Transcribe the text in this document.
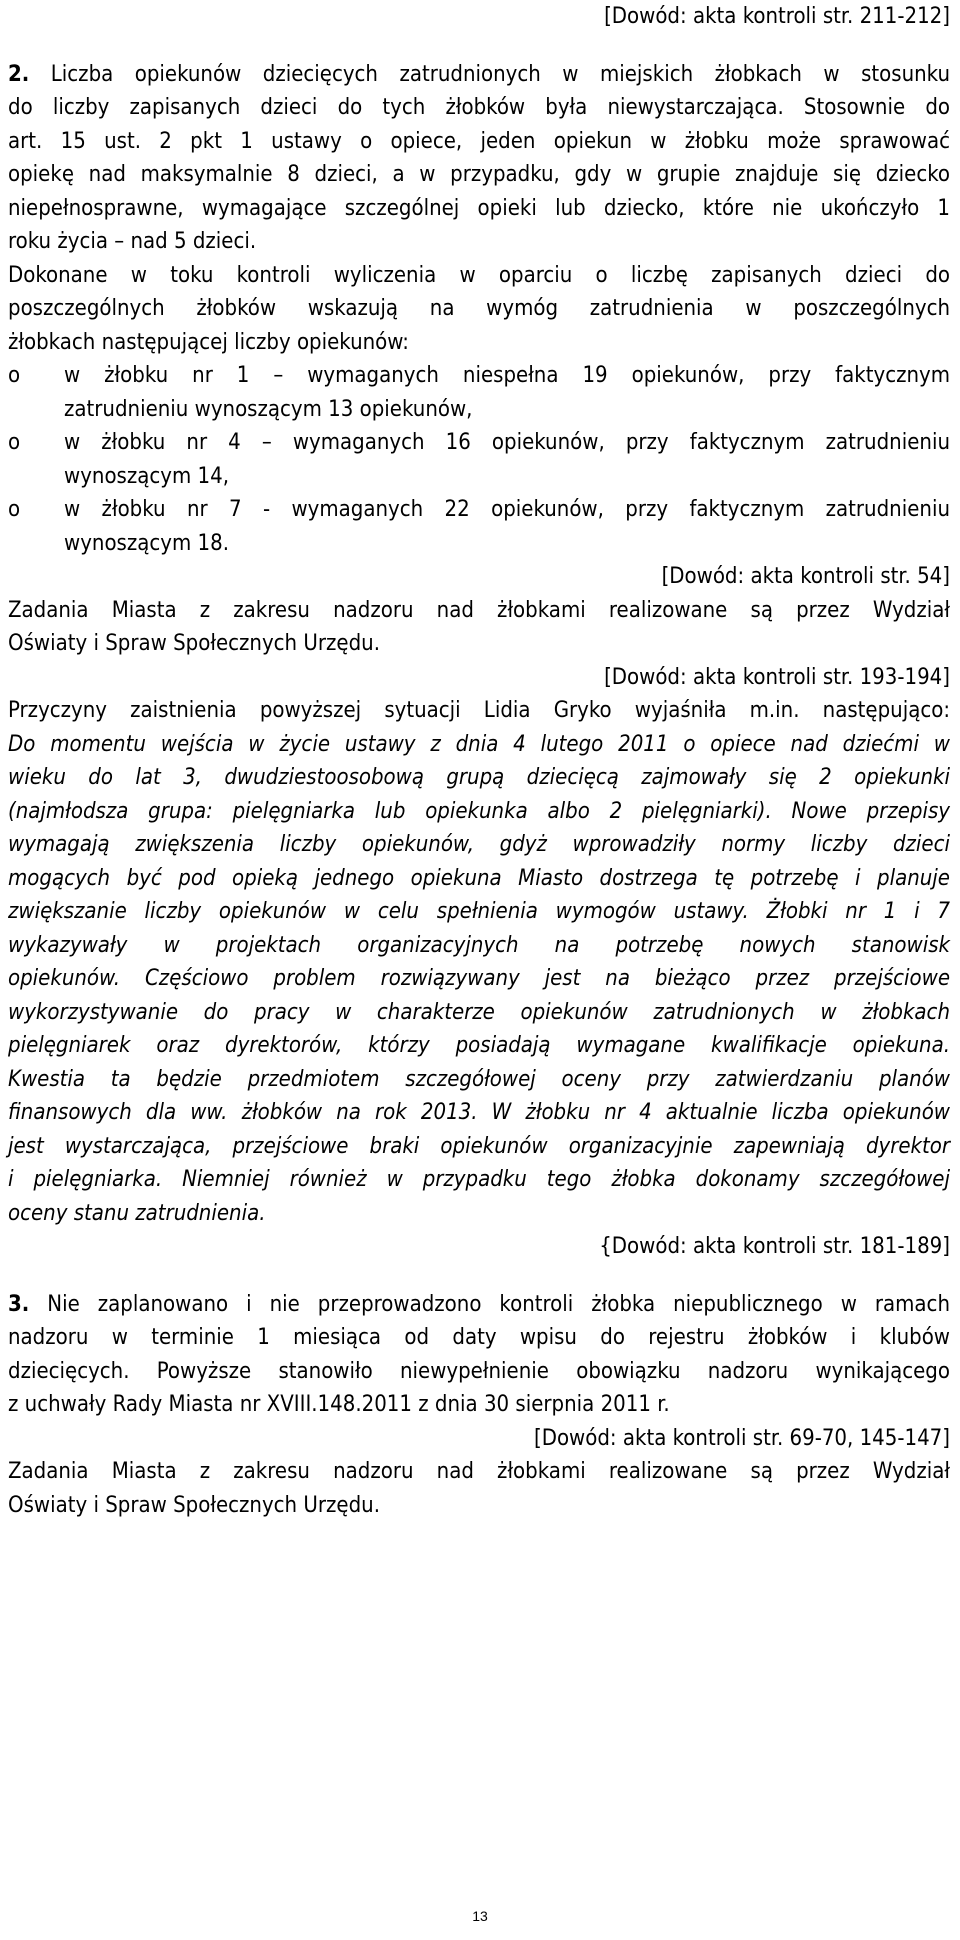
[Dowód: akta kontroli str. 211-212]
2. Liczba opiekunów dziecięcych zatrudnionych w miejskich żłobkach w stosunku
do liczby zapisanych dzieci do tych żłobków była niewystarczająca. Stosownie do
art. 15 ust. 2 pkt 1 ustawy o opiece, jeden opiekun w żłobku może sprawować
opiekę nad maksymalnie 8 dzieci, a w przypadku, gdy w grupie znajduje się dziecko
niepełnosprawne, wymagające szczególnej opieki lub dziecko, które nie ukończyło 1
roku życia – nad 5 dzieci.
Dokonane w toku kontroli wyliczenia w oparciu o liczbę zapisanych dzieci do
poszczególnych żłobków wskazują na wymóg zatrudnienia w poszczególnych
żłobkach następującej liczby opiekunów:
o w żłobku nr 1 – wymaganych niespełna 19 opiekunów, przy faktycznym
zatrudnieniu wynoszącym 13 opiekunów,
o w żłobku nr 4 – wymaganych 16 opiekunów, przy faktycznym zatrudnieniu
wynoszącym 14,
o w żłobku nr 7 - wymaganych 22 opiekunów, przy faktycznym zatrudnieniu
wynoszącym 18.
[Dowód: akta kontroli str. 54]
Zadania Miasta z zakresu nadzoru nad żłobkami realizowane są przez Wydział
Oświaty i Spraw Społecznych Urzędu.
[Dowód: akta kontroli str. 193-194]
Przyczyny zaistnienia powyższej sytuacji Lidia Gryko wyjaśniła m.in. następująco:
Do momentu wejścia w życie ustawy z dnia 4 lutego 2011 o opiece nad dziećmi w
wieku do lat 3, dwudziestoosobową grupą dziecięcą zajmowały się 2 opiekunki
(najmłodsza grupa: pielęgniarka lub opiekunka albo 2 pielęgniarki). Nowe przepisy
wymagają zwiększenia liczby opiekunów, gdyż wprowadziły normy liczby dzieci
mogących być pod opieką jednego opiekuna Miasto dostrzega tę potrzebę i planuje
zwiększanie liczby opiekunów w celu spełnienia wymogów ustawy. Żłobki nr 1 i 7
wykazywały w projektach organizacyjnych na potrzebę nowych stanowisk
opiekunów. Częściowo problem rozwiązywany jest na bieżąco przez przejściowe
wykorzystywanie do pracy w charakterze opiekunów zatrudnionych w żłobkach
pielęgniarek oraz dyrektorów, którzy posiadają wymagane kwalifikacje opiekuna.
Kwestia ta będzie przedmiotem szczegółowej oceny przy zatwierdzaniu planów
finansowych dla ww. żłobków na rok 2013. W żłobku nr 4 aktualnie liczba opiekunów
jest wystarczająca, przejściowe braki opiekunów organizacyjnie zapewniają dyrektor
i pielęgniarka. Niemniej również w przypadku tego żłobka dokonamy szczegółowej
oceny stanu zatrudnienia.
{Dowód: akta kontroli str. 181-189]
3. Nie zaplanowano i nie przeprowadzono kontroli żłobka niepublicznego w ramach
nadzoru w terminie 1 miesiąca od daty wpisu do rejestru żłobków i klubów
dziecięcych. Powyższe stanowiło niewypełnienie obowiązku nadzoru wynikającego
z uchwały Rady Miasta nr XVIII.148.2011 z dnia 30 sierpnia 2011 r.
[Dowód: akta kontroli str. 69-70, 145-147]
Zadania Miasta z zakresu nadzoru nad żłobkami realizowane są przez Wydział
Oświaty i Spraw Społecznych Urzędu.
13
